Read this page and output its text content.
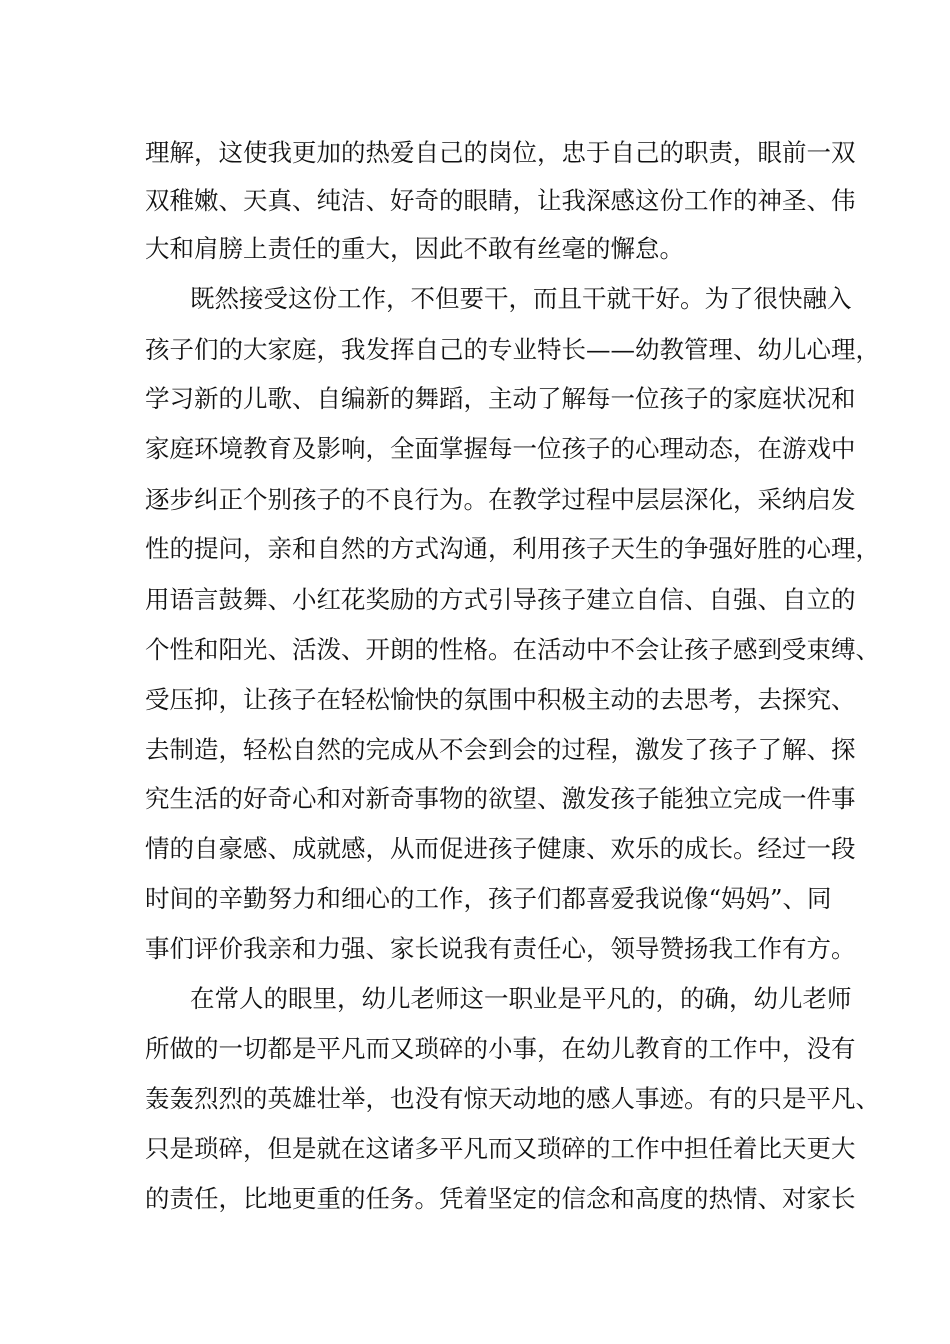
理解，这使我更加的热爱自己的岗位，忠于自己的职责，眼前一双
双稚嫩、天真、纯洁、好奇的眼睛，让我深感这份工作的神圣、伟
大和肩膀上责任的重大，因此不敢有丝毫的懈怠。
既然接受这份工作，不但要干，而且干就干好。为了很快融入
孩子们的大家庭，我发挥自己的专业特长——幼教管理、幼儿心理，
学习新的儿歌、自编新的舞蹈，主动了解每一位孩子的家庭状况和
家庭环境教育及影响，全面掌握每一位孩子的心理动态，在游戏中
逐步纠正个别孩子的不良行为。在教学过程中层层深化，采纳启发
性的提问，亲和自然的方式沟通，利用孩子天生的争强好胜的心理，
用语言鼓舞、小红花奖励的方式引导孩子建立自信、自强、自立的
个性和阳光、活泼、开朗的性格。在活动中不会让孩子感到受束缚、
受压抑，让孩子在轻松愉快的氛围中积极主动的去思考，去探究、
去制造，轻松自然的完成从不会到会的过程，激发了孩子了解、探
究生活的好奇心和对新奇事物的欲望、激发孩子能独立完成一件事
情的自豪感、成就感，从而促进孩子健康、欢乐的成长。经过一段
时间的辛勤努力和细心的工作，孩子们都喜爱我说像“妈妈”、同
事们评价我亲和力强、家长说我有责任心，领导赞扬我工作有方。
在常人的眼里，幼儿老师这一职业是平凡的，的确，幼儿老师
所做的一切都是平凡而又琐碎的小事，在幼儿教育的工作中，没有
轰轰烈烈的英雄壮举，也没有惊天动地的感人事迹。有的只是平凡、
只是琐碎，但是就在这诸多平凡而又琐碎的工作中担任着比天更大
的责任，比地更重的任务。凭着坚定的信念和高度的热情、对家长
